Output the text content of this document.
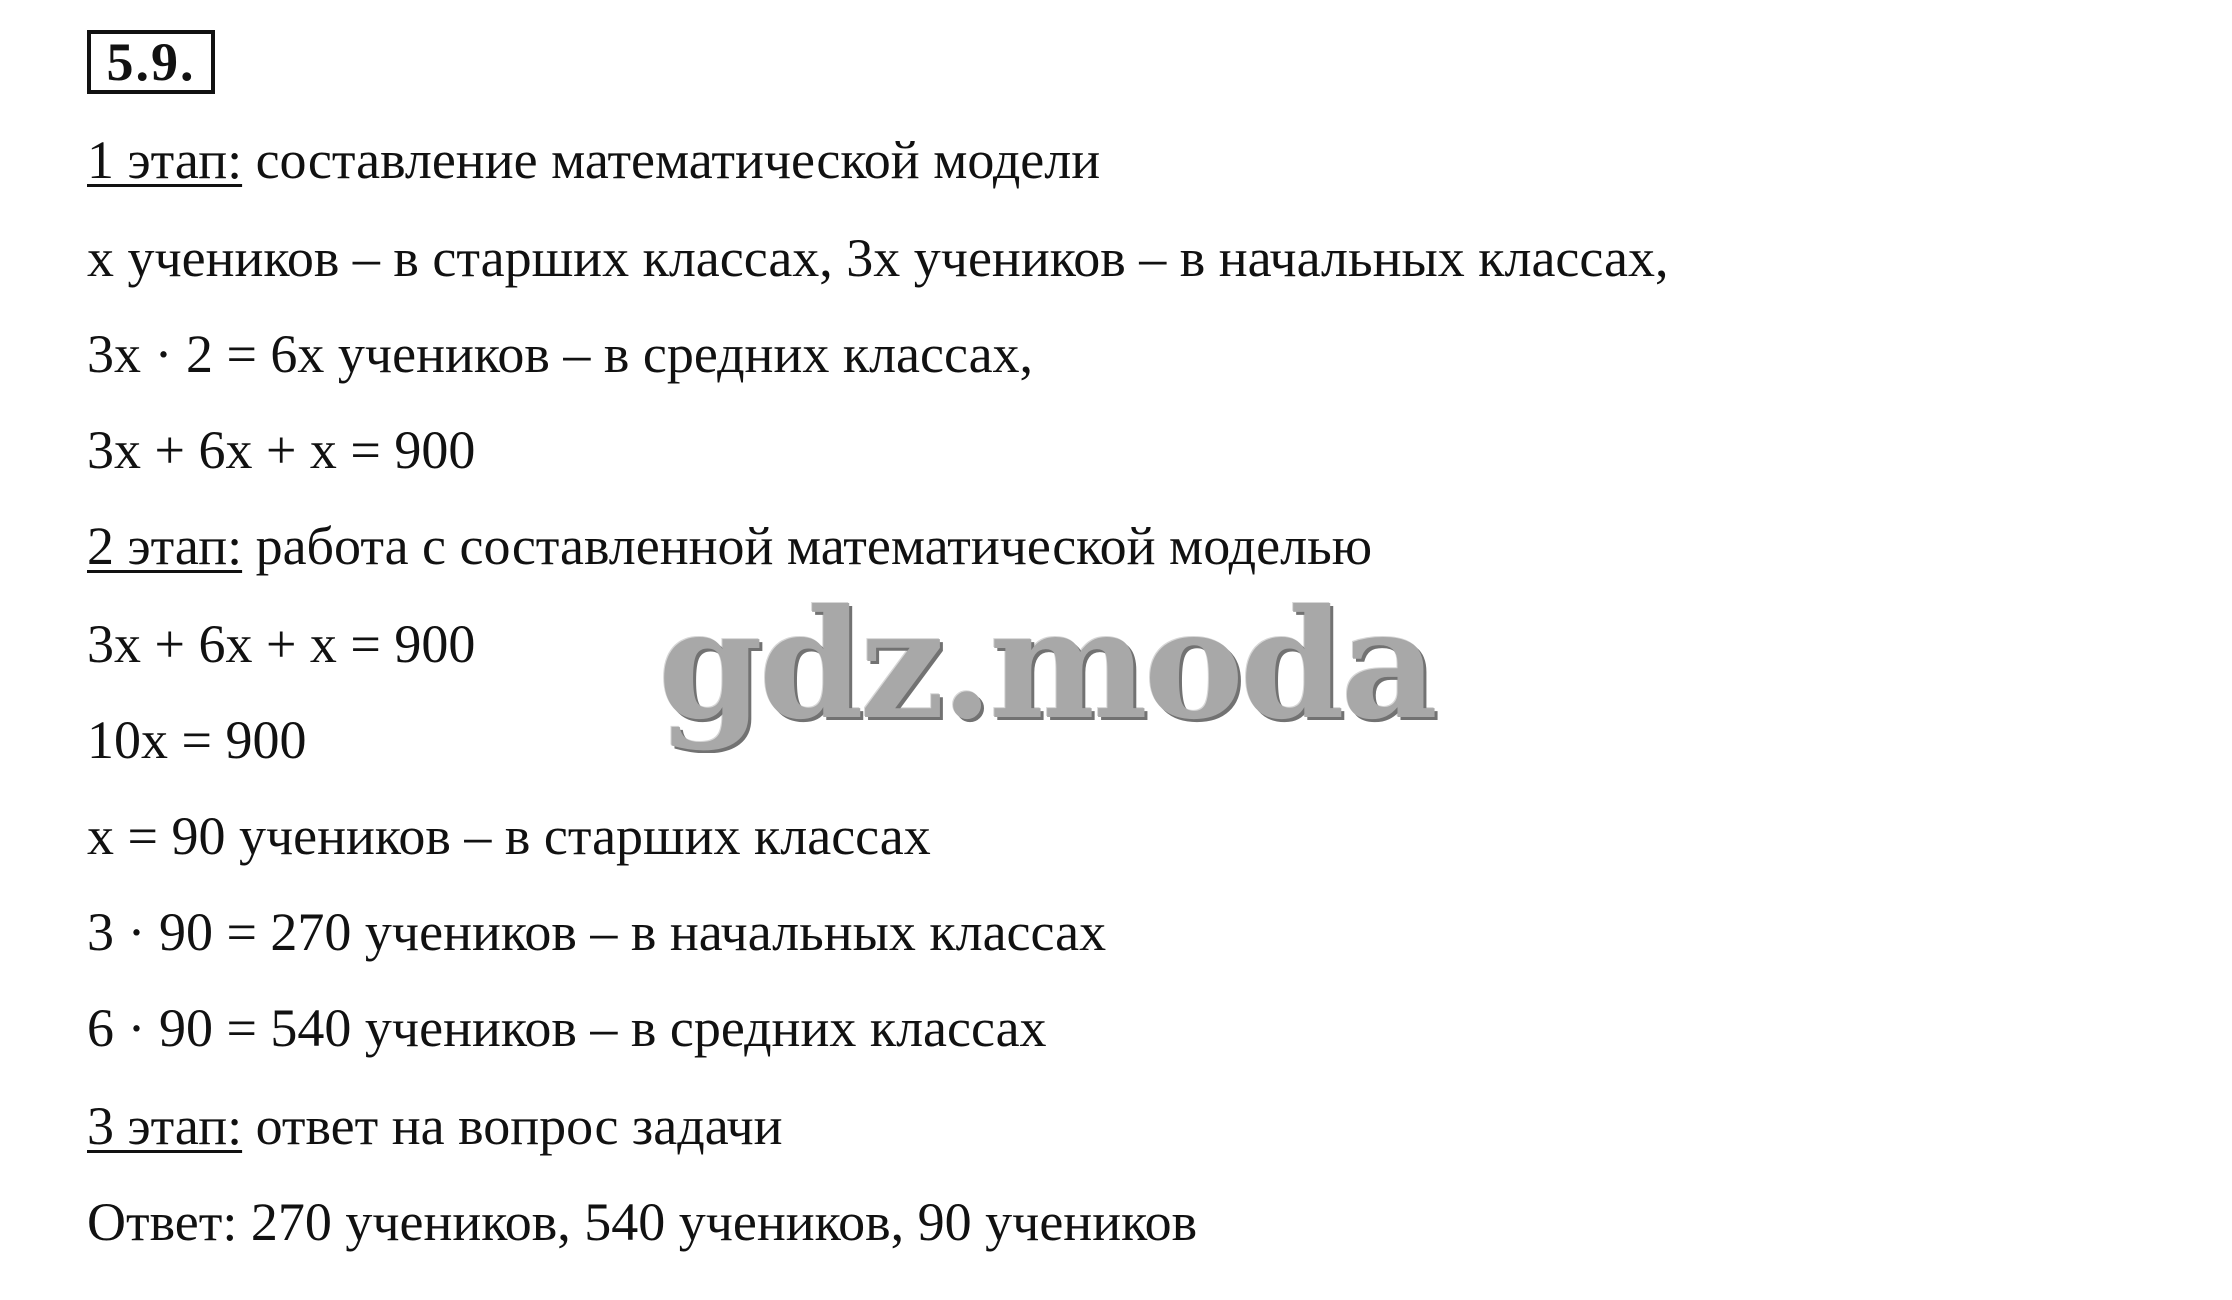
5.9.
1 этап: составление математической модели
x учеников – в старших классах, 3x учеников – в начальных классах,
3x · 2 = 6x учеников – в средних классах,
3x + 6x + x = 900
2 этап: работа с составленной математической моделью
3x + 6x + x = 900
10x = 900
x = 90 учеников – в старших классах
3 · 90 = 270 учеников – в начальных классах
6 · 90 = 540 учеников – в средних классах
3 этап: ответ на вопрос задачи
Ответ: 270 учеников, 540 учеников, 90 учеников
gdz.moda
